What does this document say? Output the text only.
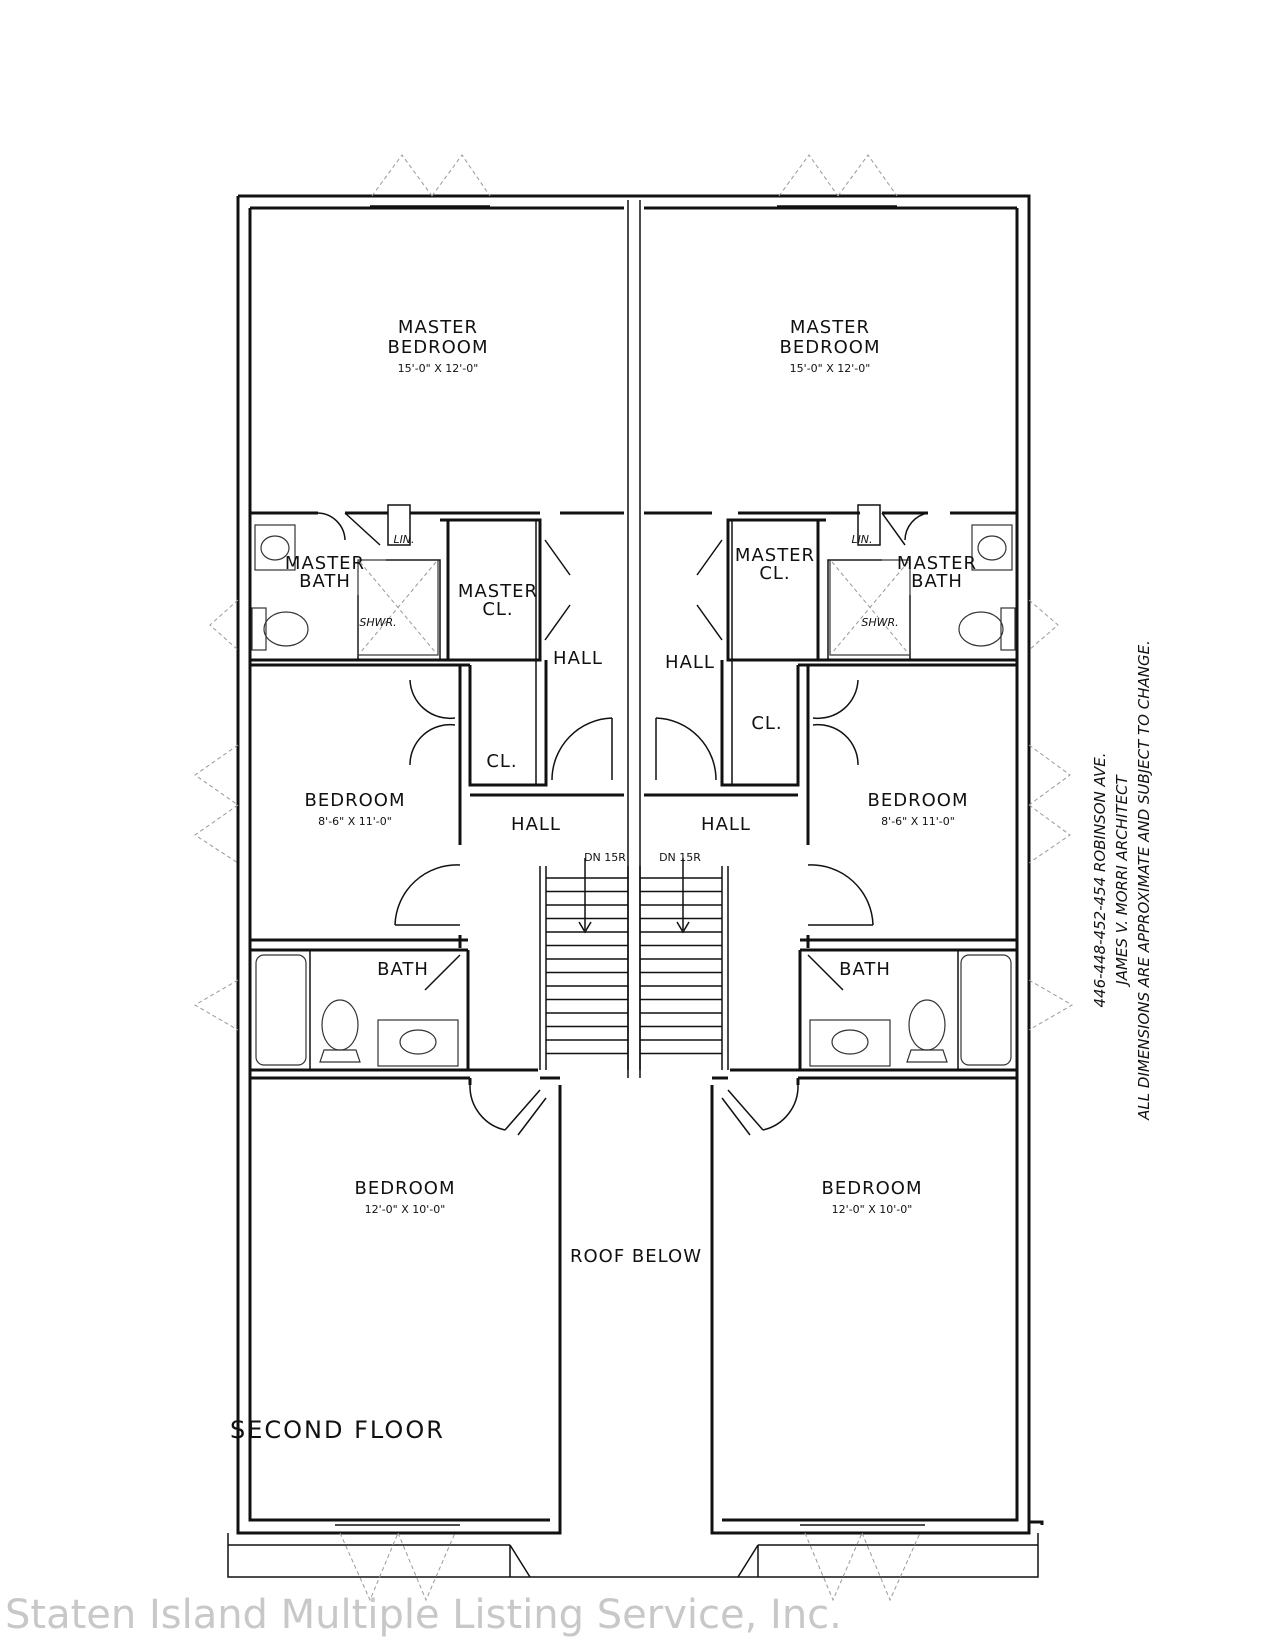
MASTER
BEDROOM
15'-0" X 12'-0"
MASTER
BATH
LIN.
SHWR.
MASTER
CL.
HALL
CL.
BEDROOM
8'-6" X 11'-0"	HALL
DN 15R
BATH
BEDROOM
12'-0" X 10'-0"
MASTER
BEDROOM
15'-0" X 12'-0"
MASTER
BATH
LIN.
SHWR.
MASTER
CL.
HALL
CL.
BEDROOM
8'-6" X 11'-0"
HALL
DN 15R
BATH
BEDROOM
12'-0" X 10'-0"
ROOF BELOW
SECOND FLOOR
446-448-452-454 ROBINSON AVE. JAMES V. MORRI ARCHITECT ALL DIMENSIONS ARE APPROXIMATE AND SUBJECT TO CHANGE.
Staten Island Multiple Listing Service, Inc.
